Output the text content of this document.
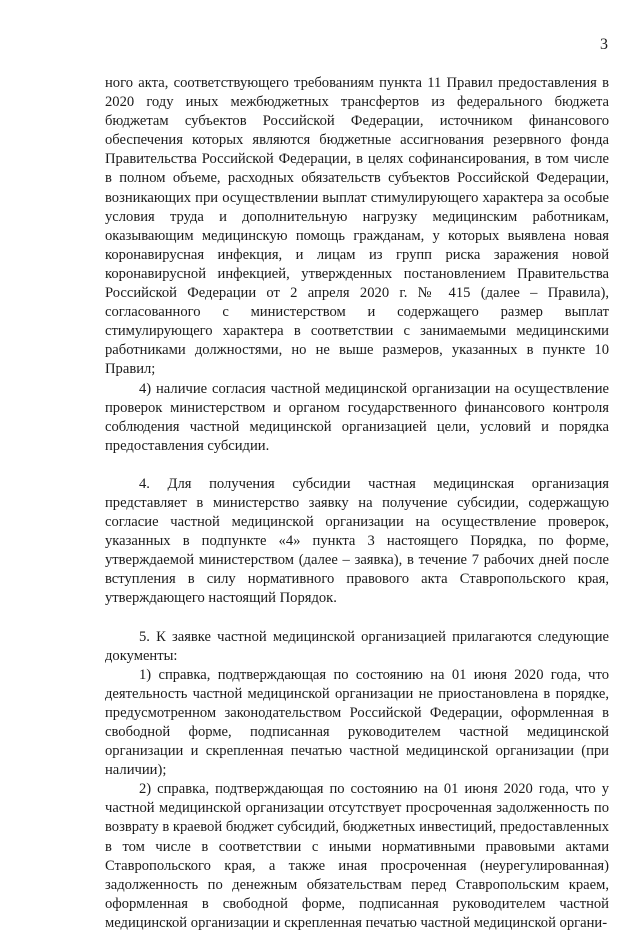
3

ного акта, соответствующего требованиям пункта 11 Правил предоставления в 2020 году иных межбюджетных трансфертов из федерального бюджета бюджетам субъектов Российской Федерации, источником финансового обеспечения которых являются бюджетные ассигнования резервного фонда Правительства Российской Федерации, в целях софинансирования, в том числе в полном объеме, расходных обязательств субъектов Российской Федерации, возникающих при осуществлении выплат стимулирующего характера за особые условия труда и дополнительную нагрузку медицинским работникам, оказывающим медицинскую помощь гражданам, у которых выявлена новая коронавирусная инфекция, и лицам из групп риска заражения новой коронавирусной инфекцией, утвержденных постановлением Правительства Российской Федерации от 2 апреля 2020 г. № 415 (далее – Правила), согласованного с министерством и содержащего размер выплат стимулирующего характера в соответствии с занимаемыми медицинскими работниками должностями, но не выше размеров, указанных в пункте 10 Правил;

4) наличие согласия частной медицинской организации на осуществление проверок министерством и органом государственного финансового контроля соблюдения частной медицинской организацией цели, условий и порядка предоставления субсидии.

4. Для получения субсидии частная медицинская организация представляет в министерство заявку на получение субсидии, содержащую согласие частной медицинской организации на осуществление проверок, указанных в подпункте «4» пункта 3 настоящего Порядка, по форме, утверждаемой министерством (далее – заявка), в течение 7 рабочих дней после вступления в силу нормативного правового акта Ставропольского края, утверждающего настоящий Порядок.

5. К заявке частной медицинской организацией прилагаются следующие документы:

1) справка, подтверждающая по состоянию на 01 июня 2020 года, что деятельность частной медицинской организации не приостановлена в порядке, предусмотренном законодательством Российской Федерации, оформленная в свободной форме, подписанная руководителем частной медицинской организации и скрепленная печатью частной медицинской организации (при наличии);

2) справка, подтверждающая по состоянию на 01 июня 2020 года, что у частной медицинской организации отсутствует просроченная задолженность по возврату в краевой бюджет субсидий, бюджетных инвестиций, предоставленных в том числе в соответствии с иными нормативными правовыми актами Ставропольского края, а также иная просроченная (неурегулированная) задолженность по денежным обязательствам перед Ставропольским краем, оформленная в свободной форме, подписанная руководителем частной медицинской организации и скрепленная печатью частной медицинской органи-
